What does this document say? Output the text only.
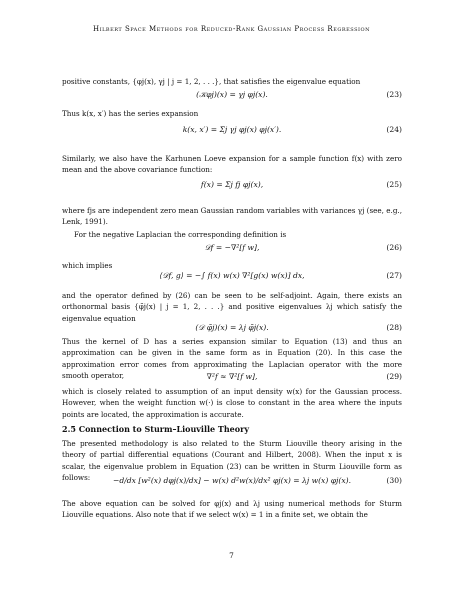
Hilbert Space Methods for Reduced-Rank Gaussian Process Regression

positive constants, {φj(x), γj | j = 1, 2, . . .}, that satisfies the eigenvalue equation

(𝒦φj)(x) = γj φj(x).	(23)

Thus k(x, x′) has the series expansion

k(x, x′) = Σj γj φj(x) φj(x′).	(24)

Similarly, we also have the Karhunen Loeve expansion for a sample function f(x) with zero mean and the above covariance function:

f(x) = Σj fj φj(x),	(25)

where fjs are independent zero mean Gaussian random variables with variances γj (see, e.g., Lenk, 1991).

For the negative Laplacian the corresponding definition is

𝒟f = −∇²[f w],	(26)

which implies

⟨𝒟f, g⟩ = −∫ f(x) w(x) ∇²[g(x) w(x)] dx,	(27)

and the operator defined by (26) can be seen to be self-adjoint. Again, there exists an orthonormal basis {φ̃j(x) | j = 1, 2, . . .} and positive eigenvalues λj which satisfy the eigenvalue equation

(𝒟 φ̃j)(x) = λj φ̃j(x).	(28)

Thus the kernel of D has a series expansion similar to Equation (13) and thus an approximation can be given in the same form as in Equation (20). In this case the approximation error comes from approximating the Laplacian operator with the more smooth operator,	∇²f ≈ ∇²[f w],	(29)

which is closely related to assumption of an input density w(x) for the Gaussian process. However, when the weight function w(·) is close to constant in the area where the inputs points are located, the approximation is accurate.

2.5 Connection to Sturm–Liouville Theory

The presented methodology is also related to the Sturm Liouville theory arising in the theory of partial differential equations (Courant and Hilbert, 2008). When the input x is scalar, the eigenvalue problem in Equation (23) can be written in Sturm Liouville form as follows:	−d/dx [w²(x) dφj(x)/dx] − w(x) d²w(x)/dx² φj(x) = λj w(x) φj(x).	(30)

The above equation can be solved for φj(x) and λj using numerical methods for Sturm Liouville equations. Also note that if we select w(x) = 1 in a finite set, we obtain the

7
